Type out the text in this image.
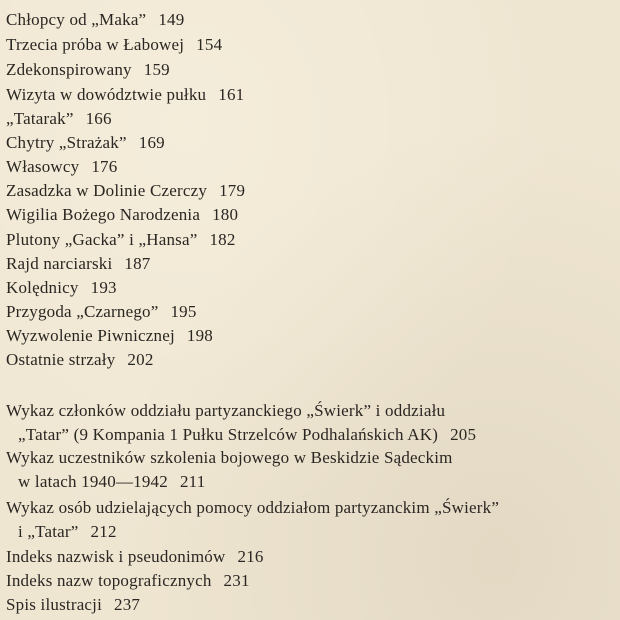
Chłopcy od „Maka” 149
Trzecia próba w Łabowej 154
Zdekonspirowany 159
Wizyta w dowództwie pułku 161
„Tatarak” 166
Chytry „Strażak” 169
Własowcy 176
Zasadzka w Dolinie Czerczy 179
Wigilia Bożego Narodzenia 180
Plutony „Gacka” i „Hansa” 182
Rajd narciarski 187
Kolędnicy 193
Przygoda „Czarnego” 195
Wyzwolenie Piwnicznej 198
Ostatnie strzały 202
Wykaz członków oddziału partyzanckiego „Świerk” i oddziału
„Tatar” (9 Kompania 1 Pułku Strzelców Podhalańskich AK) 205
Wykaz uczestników szkolenia bojowego w Beskidzie Sądeckim
w latach 1940—1942 211
Wykaz osób udzielających pomocy oddziałom partyzanckim „Świerk”
i „Tatar” 212
Indeks nazwisk i pseudonimów 216
Indeks nazw topograficznych 231
Spis ilustracji 237
